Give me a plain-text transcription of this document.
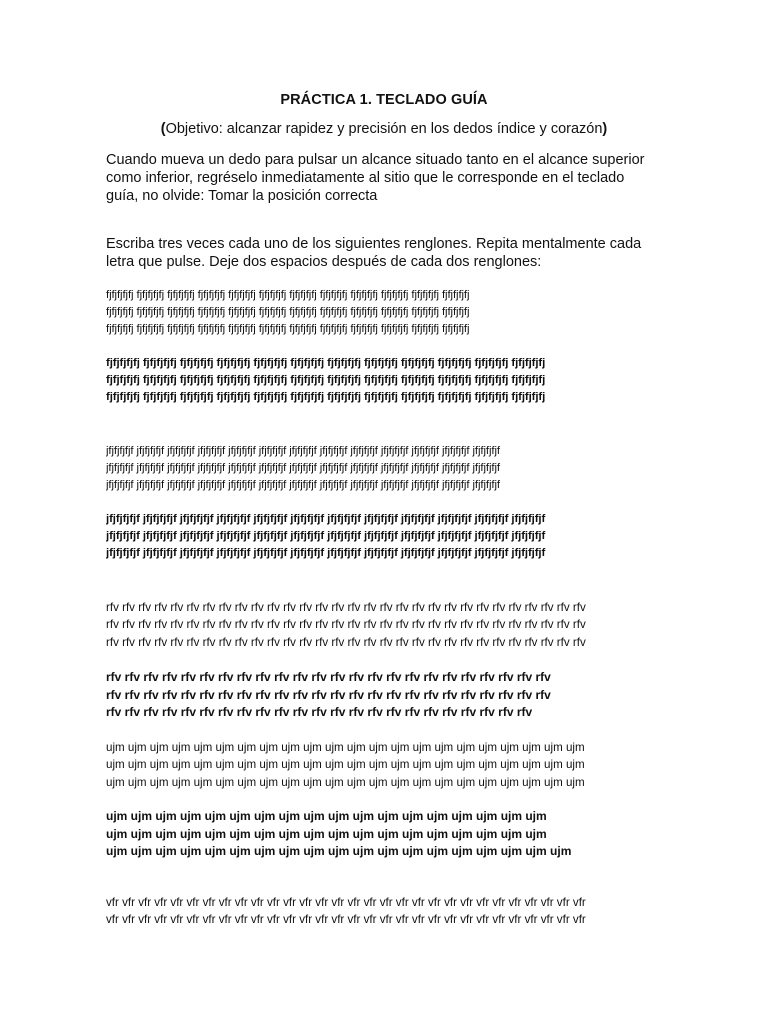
PRÁCTICA 1. TECLADO GUÍA
(Objetivo: alcanzar rapidez y precisión en los dedos índice y corazón)
Cuando mueva un dedo para pulsar un alcance situado tanto en el alcance superior
como inferior, regréselo inmediatamente al sitio que le corresponde en el teclado
guía, no olvide: Tomar la posición correcta
Escriba tres veces cada uno de los siguientes renglones. Repita mentalmente cada
letra que pulse. Deje dos espacios después de cada dos renglones:
fjfjfjfjfj fjfjfjfjfj fjfjfjfjfj fjfjfjfjfj fjfjfjfjfj fjfjfjfjfj fjfjfjfjfj fjfjfjfjfj fjfjfjfjfj fjfjfjfjfj fjfjfjfjfj fjfjfjfjfj
fjfjfjfjfj fjfjfjfjfj fjfjfjfjfj fjfjfjfjfj fjfjfjfjfj fjfjfjfjfj fjfjfjfjfj fjfjfjfjfj fjfjfjfjfj fjfjfjfjfj fjfjfjfjfj fjfjfjfjfj
fjfjfjfjfj fjfjfjfjfj fjfjfjfjfj fjfjfjfjfj fjfjfjfjfj fjfjfjfjfj fjfjfjfjfj fjfjfjfjfj fjfjfjfjfj fjfjfjfjfj fjfjfjfjfj fjfjfjfjfj
fjfjfjfjfj fjfjfjfjfj fjfjfjfjfj fjfjfjfjfj fjfjfjfjfj fjfjfjfjfj fjfjfjfjfj fjfjfjfjfj fjfjfjfjfj fjfjfjfjfj fjfjfjfjfj fjfjfjfjfj
fjfjfjfjfj fjfjfjfjfj fjfjfjfjfj fjfjfjfjfj fjfjfjfjfj fjfjfjfjfj fjfjfjfjfj fjfjfjfjfj fjfjfjfjfj fjfjfjfjfj fjfjfjfjfj fjfjfjfjfj
fjfjfjfjfj fjfjfjfjfj fjfjfjfjfj fjfjfjfjfj fjfjfjfjfj fjfjfjfjfj fjfjfjfjfj fjfjfjfjfj fjfjfjfjfj fjfjfjfjfj fjfjfjfjfj fjfjfjfjfj
jfjfjfjfjf jfjfjfjfjf jfjfjfjfjf jfjfjfjfjf jfjfjfjfjf jfjfjfjfjf jfjfjfjfjf jfjfjfjfjf jfjfjfjfjf jfjfjfjfjf jfjfjfjfjf jfjfjfjfjf jfjfjfjfjf
jfjfjfjfjf jfjfjfjfjf jfjfjfjfjf jfjfjfjfjf jfjfjfjfjf jfjfjfjfjf jfjfjfjfjf jfjfjfjfjf jfjfjfjfjf jfjfjfjfjf jfjfjfjfjf jfjfjfjfjf jfjfjfjfjf
jfjfjfjfjf jfjfjfjfjf jfjfjfjfjf jfjfjfjfjf jfjfjfjfjf jfjfjfjfjf jfjfjfjfjf jfjfjfjfjf jfjfjfjfjf jfjfjfjfjf jfjfjfjfjf jfjfjfjfjf jfjfjfjfjf
jfjfjfjfjf jfjfjfjfjf jfjfjfjfjf jfjfjfjfjf jfjfjfjfjf jfjfjfjfjf jfjfjfjfjf jfjfjfjfjf jfjfjfjfjf jfjfjfjfjf jfjfjfjfjf jfjfjfjfjf
jfjfjfjfjf jfjfjfjfjf jfjfjfjfjf jfjfjfjfjf jfjfjfjfjf jfjfjfjfjf jfjfjfjfjf jfjfjfjfjf jfjfjfjfjf jfjfjfjfjf jfjfjfjfjf jfjfjfjfjf
jfjfjfjfjf jfjfjfjfjf jfjfjfjfjf jfjfjfjfjf jfjfjfjfjf jfjfjfjfjf jfjfjfjfjf jfjfjfjfjf jfjfjfjfjf jfjfjfjfjf jfjfjfjfjf jfjfjfjfjf
rfv rfv rfv rfv rfv rfv rfv rfv rfv rfv rfv rfv rfv rfv rfv rfv rfv rfv rfv rfv rfv rfv rfv rfv rfv rfv rfv rfv rfv rfv
rfv rfv rfv rfv rfv rfv rfv rfv rfv rfv rfv rfv rfv rfv rfv rfv rfv rfv rfv rfv rfv rfv rfv rfv rfv rfv rfv rfv rfv rfv
rfv rfv rfv rfv rfv rfv rfv rfv rfv rfv rfv rfv rfv rfv rfv rfv rfv rfv rfv rfv rfv rfv rfv rfv rfv rfv rfv rfv rfv rfv
rfv rfv rfv rfv rfv rfv rfv rfv rfv rfv rfv rfv rfv rfv rfv rfv rfv rfv rfv rfv rfv rfv rfv rfv
rfv rfv rfv rfv rfv rfv rfv rfv rfv rfv rfv rfv rfv rfv rfv rfv rfv rfv rfv rfv rfv rfv rfv rfv
rfv rfv rfv rfv rfv rfv rfv rfv rfv rfv rfv rfv rfv rfv rfv rfv rfv rfv rfv rfv rfv rfv rfv
ujm ujm ujm ujm ujm ujm ujm ujm ujm ujm ujm ujm ujm ujm ujm ujm ujm ujm ujm ujm ujm ujm
ujm ujm ujm ujm ujm ujm ujm ujm ujm ujm ujm ujm ujm ujm ujm ujm ujm ujm ujm ujm ujm ujm
ujm ujm ujm ujm ujm ujm ujm ujm ujm ujm ujm ujm ujm ujm ujm ujm ujm ujm ujm ujm ujm ujm
ujm ujm ujm ujm ujm ujm ujm ujm ujm ujm ujm ujm ujm ujm ujm ujm ujm ujm
ujm ujm ujm ujm ujm ujm ujm ujm ujm ujm ujm ujm ujm ujm ujm ujm ujm ujm
ujm ujm ujm ujm ujm ujm ujm ujm ujm ujm ujm ujm ujm ujm ujm ujm ujm ujm ujm
vfr vfr vfr vfr vfr vfr vfr vfr vfr vfr vfr vfr vfr vfr vfr vfr vfr vfr vfr vfr vfr vfr vfr vfr vfr vfr vfr vfr vfr vfr
vfr vfr vfr vfr vfr vfr vfr vfr vfr vfr vfr vfr vfr vfr vfr vfr vfr vfr vfr vfr vfr vfr vfr vfr vfr vfr vfr vfr vfr vfr
